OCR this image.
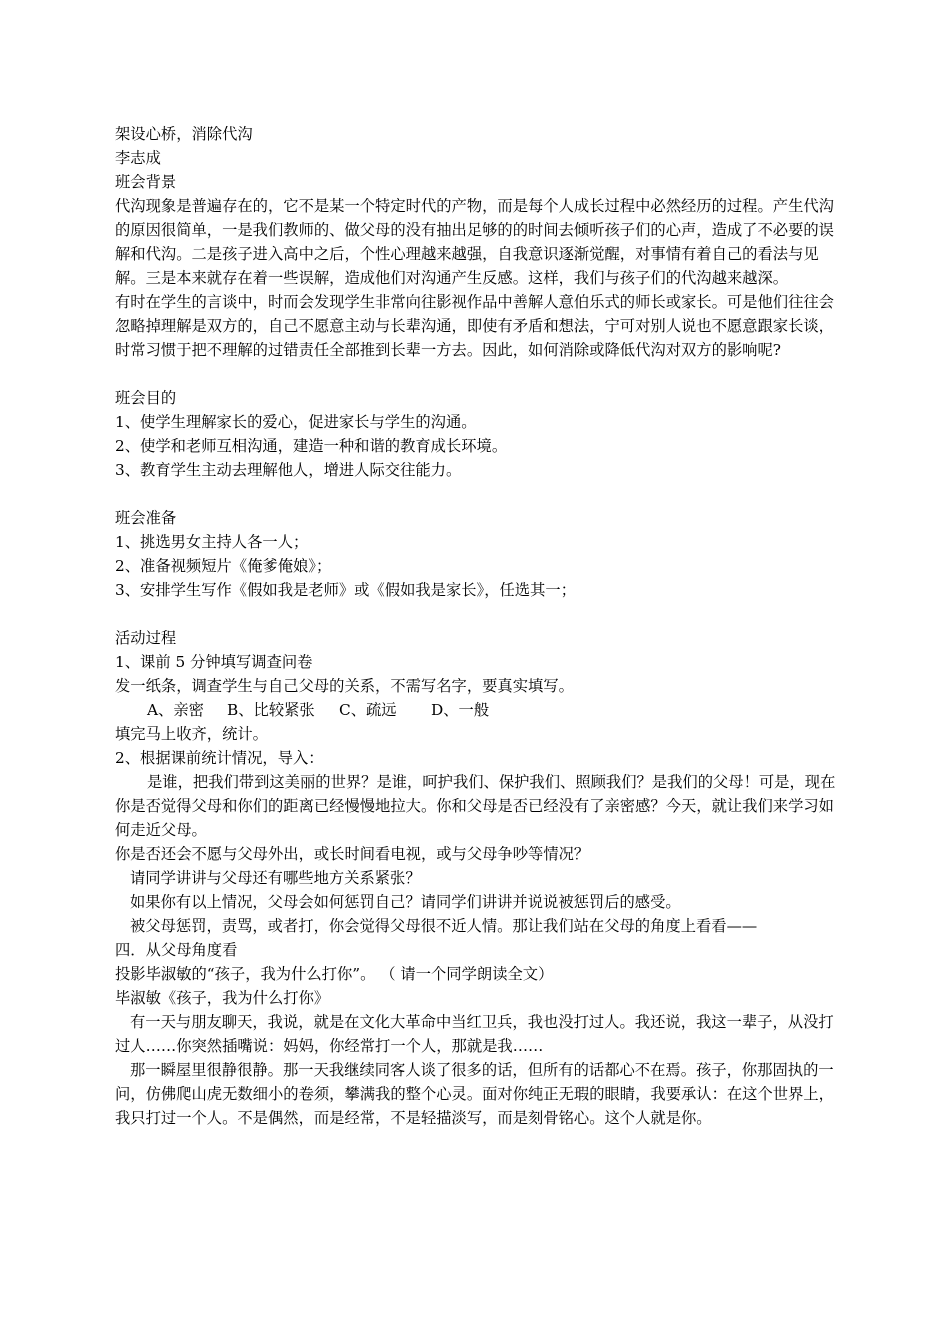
架设心桥，消除代沟

李志成

班会背景

代沟现象是普遍存在的，它不是某一个特定时代的产物，而是每个人成长过程中必然经历的过程。产生代沟的原因很简单，一是我们教师的、做父母的没有抽出足够的的时间去倾听孩子们的心声，造成了不必要的误解和代沟。二是孩子进入高中之后，个性心理越来越强，自我意识逐渐觉醒，对事情有着自己的看法与见解。三是本来就存在着一些误解，造成他们对沟通产生反感。这样，我们与孩子们的代沟越来越深。

有时在学生的言谈中，时而会发现学生非常向往影视作品中善解人意伯乐式的师长或家长。可是他们往往会忽略掉理解是双方的，自己不愿意主动与长辈沟通，即使有矛盾和想法，宁可对别人说也不愿意跟家长谈，时常习惯于把不理解的过错责任全部推到长辈一方去。因此，如何消除或降低代沟对双方的影响呢?

班会目的

1、使学生理解家长的爱心，促进家长与学生的沟通。

2、使学和老师互相沟通，建造一种和谐的教育成长环境。

3、教育学生主动去理解他人，增进人际交往能力。

班会准备

1、挑选男女主持人各一人；

2、准备视频短片《俺爹俺娘》；

3、安排学生写作《假如我是老师》或《假如我是家长》，任选其一；

活动过程

1、课前 5 分钟填写调查问卷

发一纸条，调查学生与自己父母的关系，不需写名字，要真实填写。

A、亲密 B、比较紧张 C、疏远 D、一般

填完马上收齐，统计。

2、根据课前统计情况，导入：

是谁，把我们带到这美丽的世界？是谁，呵护我们、保护我们、照顾我们？是我们的父母！可是，现在你是否觉得父母和你们的距离已经慢慢地拉大。你和父母是否已经没有了亲密感？今天，就让我们来学习如何走近父母。

你是否还会不愿与父母外出，或长时间看电视，或与父母争吵等情况？

请同学讲讲与父母还有哪些地方关系紧张？

如果你有以上情况，父母会如何惩罚自己？请同学们讲讲并说说被惩罚后的感受。

被父母惩罚，责骂，或者打，你会觉得父母很不近人情。那让我们站在父母的角度上看看——

四．从父母角度看

投影毕淑敏的“孩子，我为什么打你”。 （ 请一个同学朗读全文）

毕淑敏《孩子，我为什么打你》

有一天与朋友聊天，我说，就是在文化大革命中当红卫兵，我也没打过人。我还说，我这一辈子，从没打过人……你突然插嘴说：妈妈，你经常打一个人，那就是我……

那一瞬屋里很静很静。那一天我继续同客人谈了很多的话，但所有的话都心不在焉。孩子，你那固执的一问，仿佛爬山虎无数细小的卷须，攀满我的整个心灵。面对你纯正无瑕的眼睛，我要承认：在这个世界上，我只打过一个人。不是偶然，而是经常，不是轻描淡写，而是刻骨铭心。这个人就是你。
